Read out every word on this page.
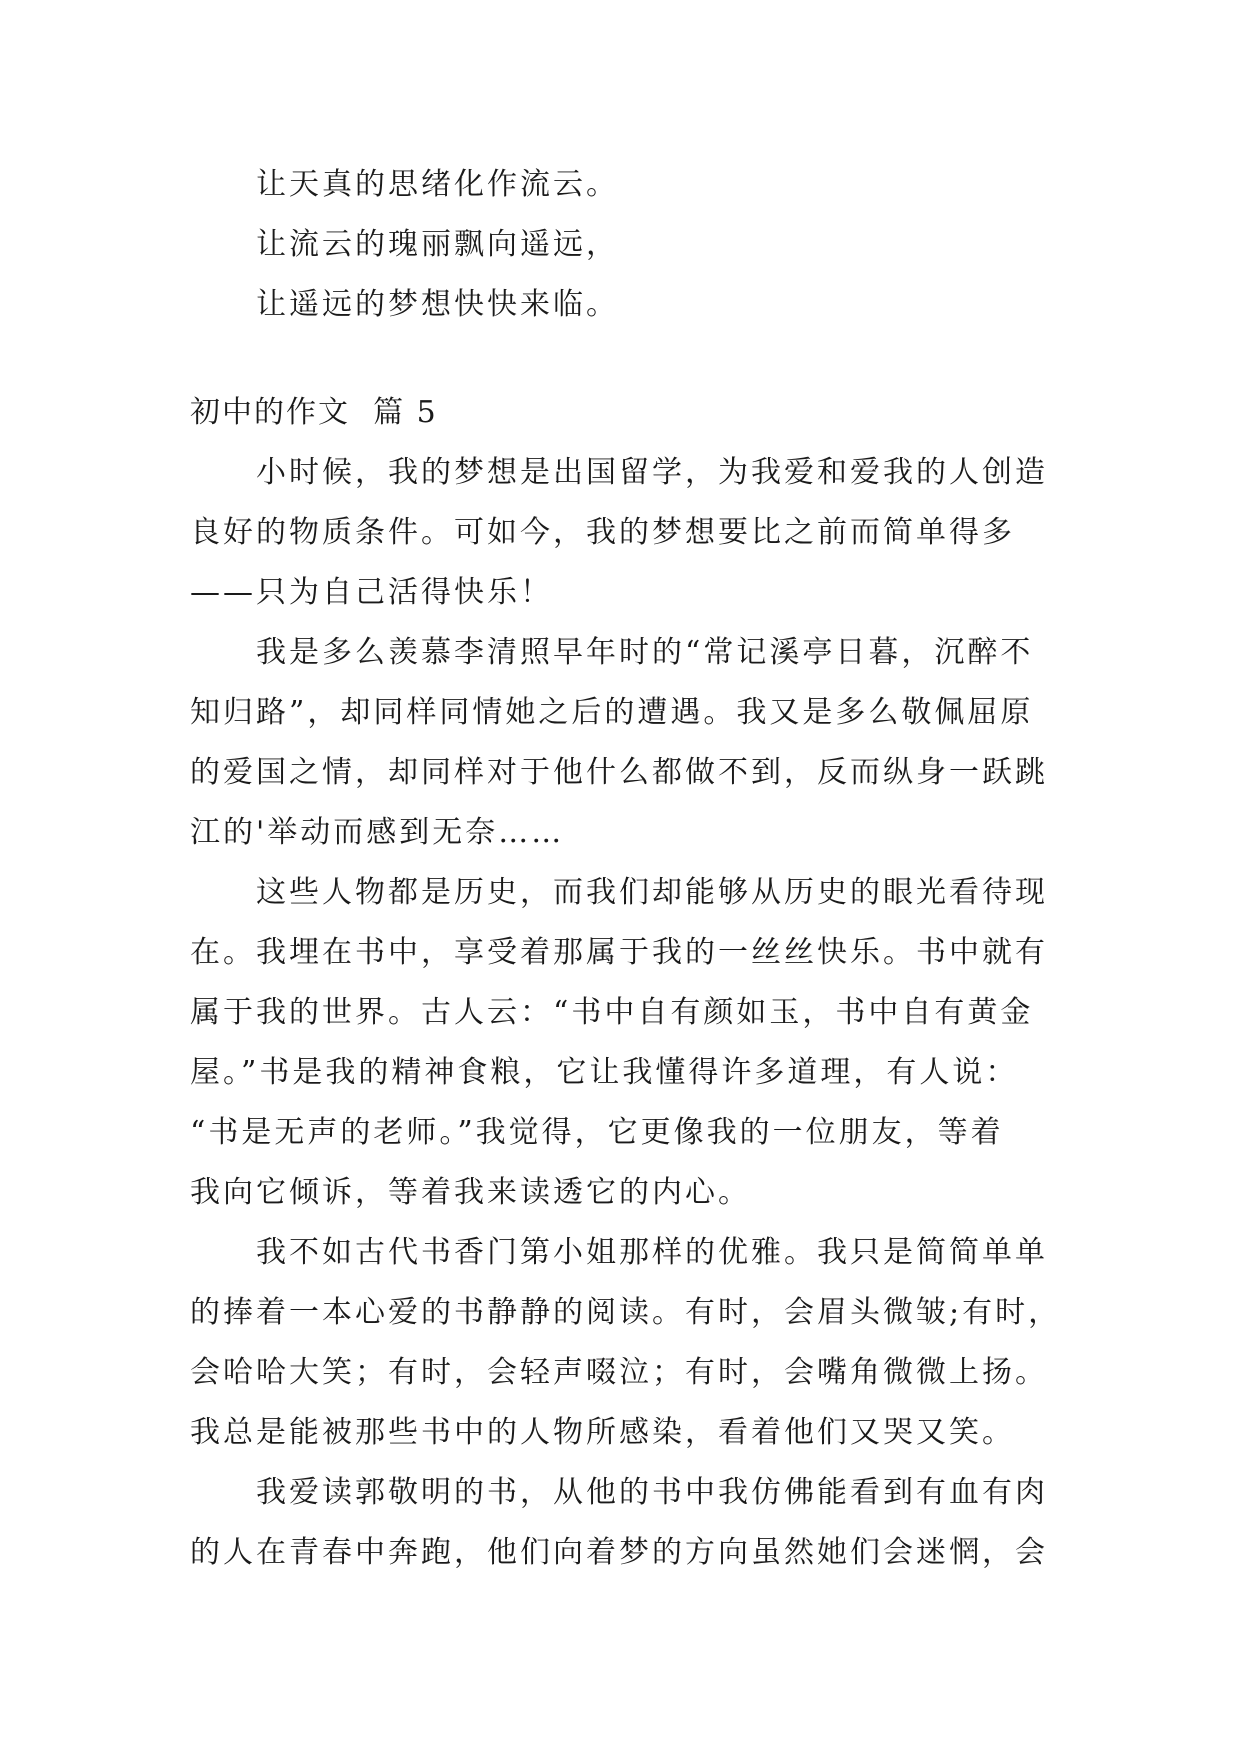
让天真的思绪化作流云。

让流云的瑰丽飘向遥远，

让遥远的梦想快快来临。

初中的作文  篇 5

小时候，我的梦想是出国留学，为我爱和爱我的人创造

良好的物质条件。可如今，我的梦想要比之前而简单得多

——只为自己活得快乐！

我是多么羡慕李清照早年时的“常记溪亭日暮，沉醉不

知归路”，却同样同情她之后的遭遇。我又是多么敬佩屈原

的爱国之情，却同样对于他什么都做不到，反而纵身一跃跳

江的'举动而感到无奈……

这些人物都是历史，而我们却能够从历史的眼光看待现

在。我埋在书中，享受着那属于我的一丝丝快乐。书中就有

属于我的世界。古人云：“书中自有颜如玉，书中自有黄金

屋。”书是我的精神食粮，它让我懂得许多道理，有人说：

“书是无声的老师。”我觉得，它更像我的一位朋友，等着

我向它倾诉，等着我来读透它的内心。

我不如古代书香门第小姐那样的优雅。我只是简简单单

的捧着一本心爱的书静静的阅读。有时，会眉头微皱;有时，

会哈哈大笑；有时，会轻声啜泣；有时，会嘴角微微上扬。

我总是能被那些书中的人物所感染，看着他们又哭又笑。

我爱读郭敬明的书，从他的书中我仿佛能看到有血有肉

的人在青春中奔跑，他们向着梦的方向虽然她们会迷惘，会
